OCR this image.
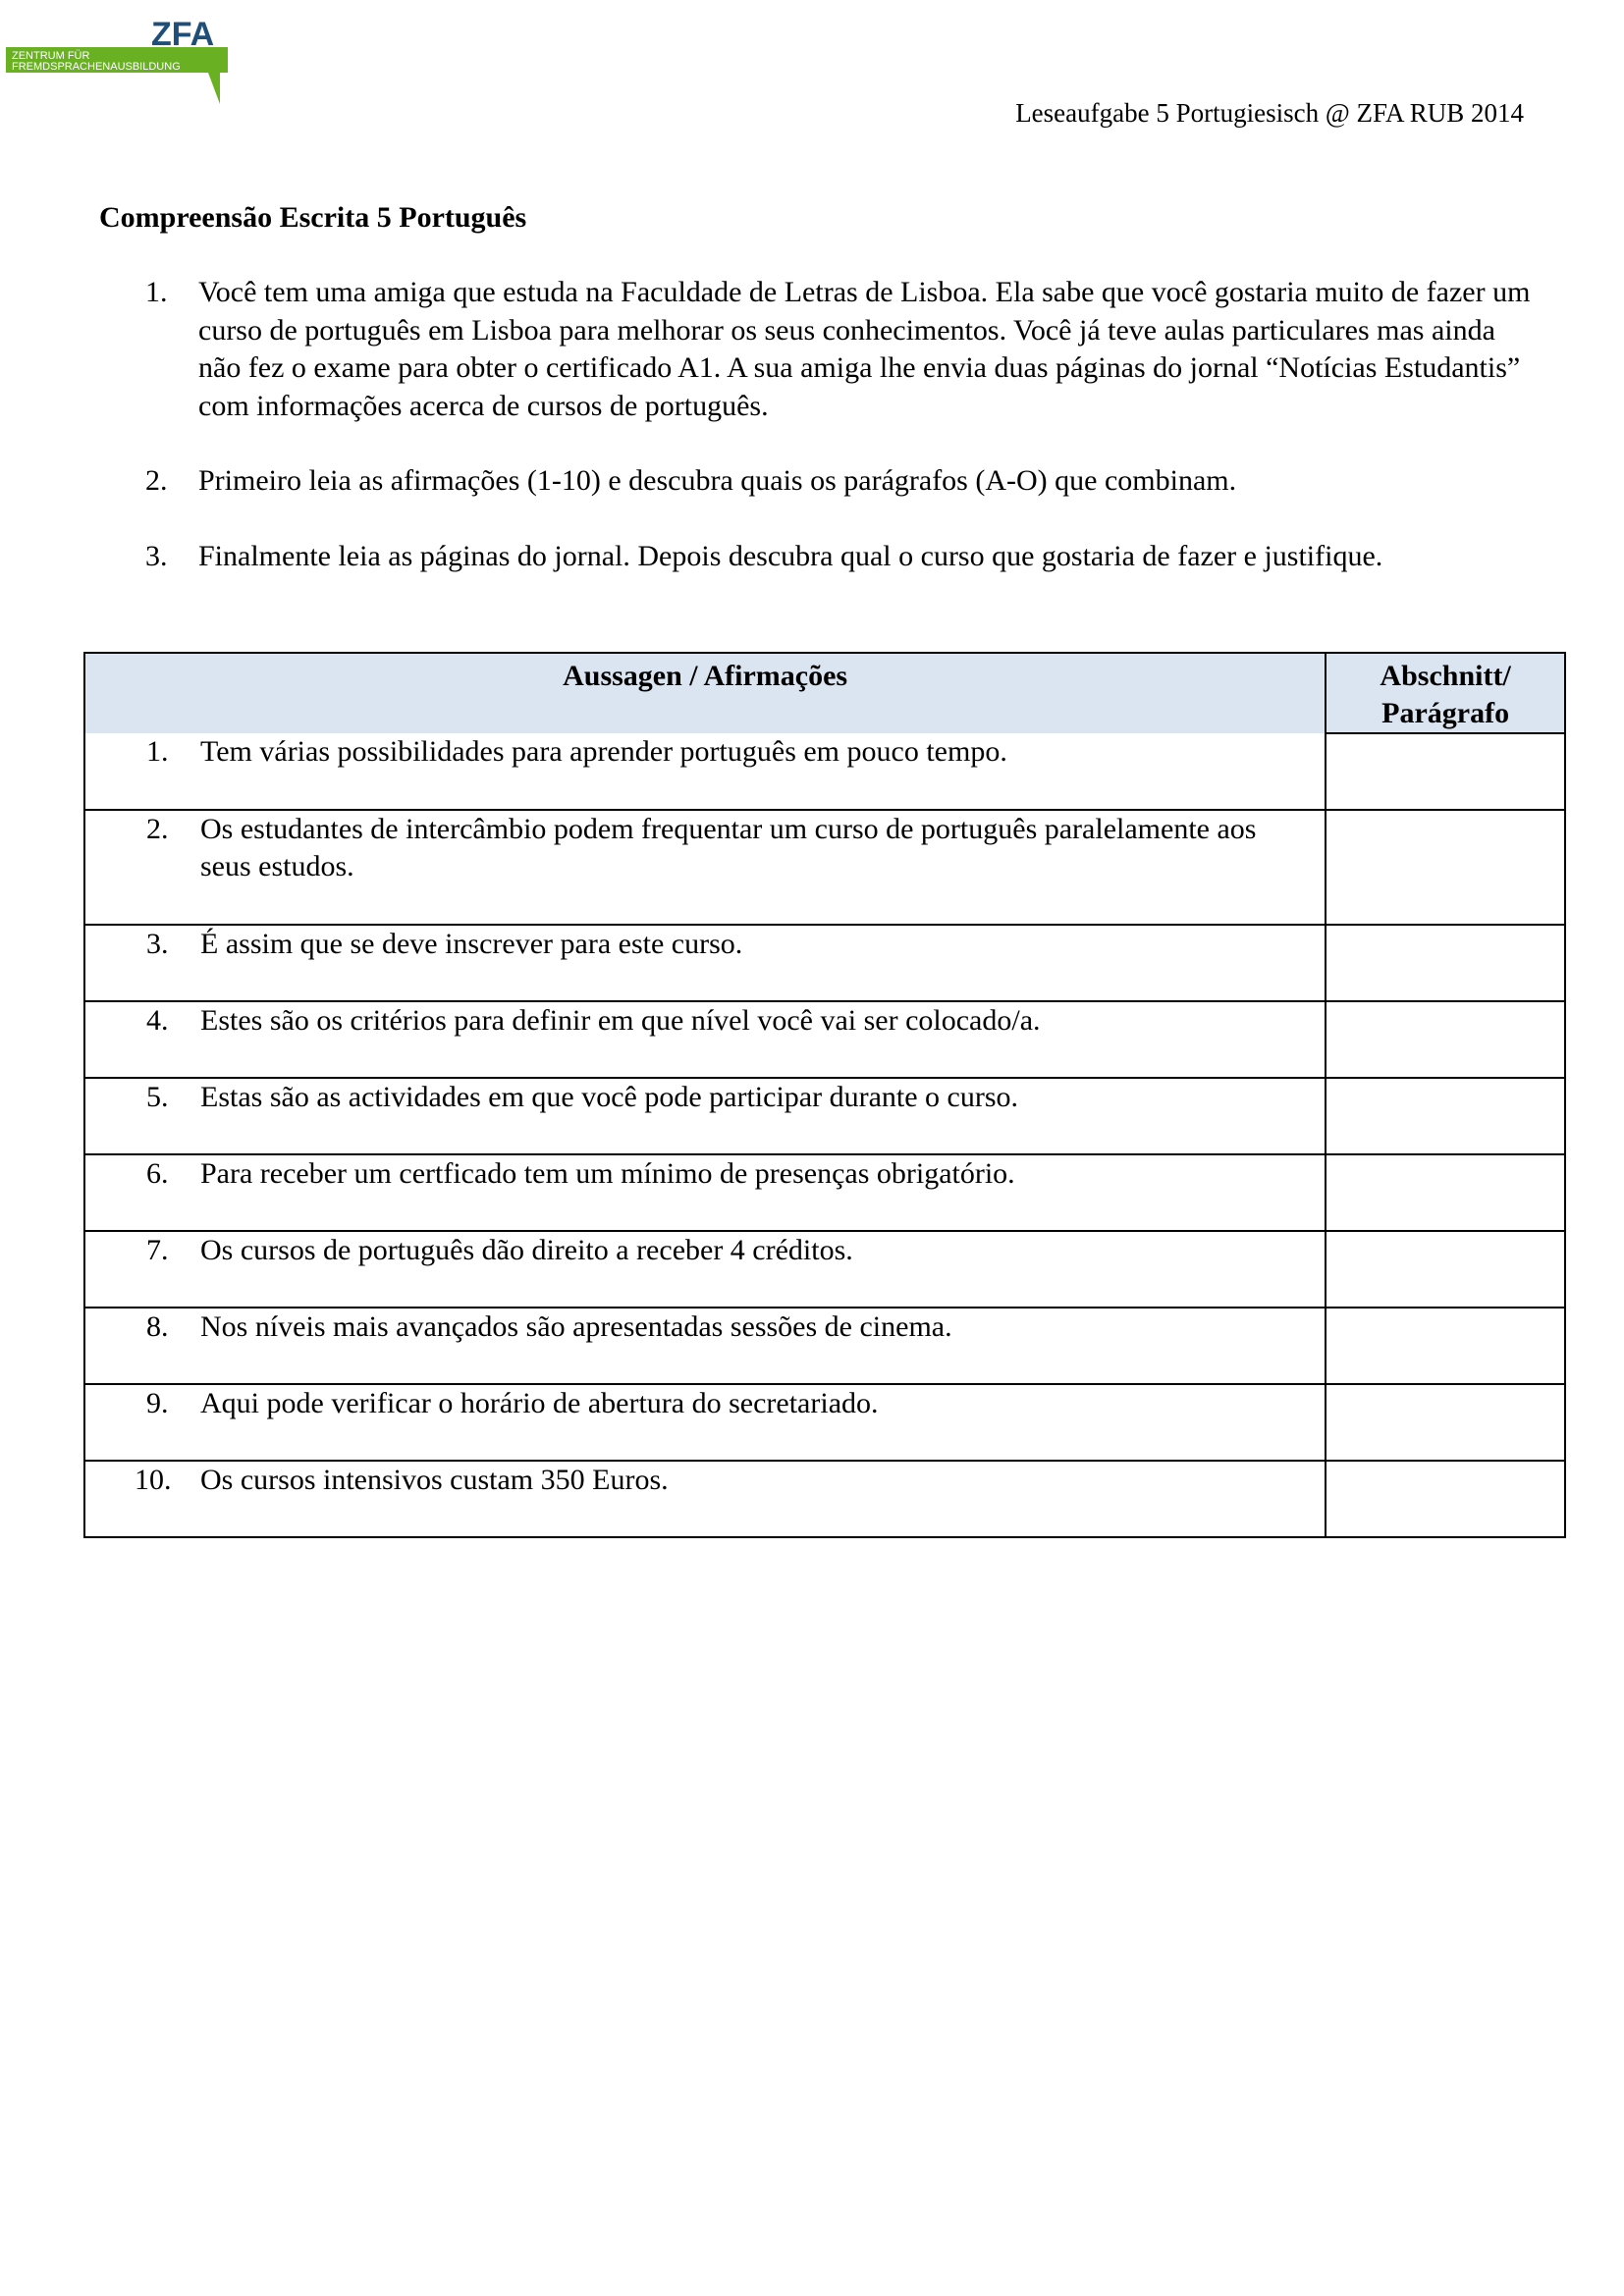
ZFA
ZENTRUM FÜR
FREMDSPRACHENAUSBILDUNG
Leseaufgabe 5 Portugiesisch @ ZFA RUB 2014
Compreensão Escrita 5 Português
1. Você tem uma amiga que estuda na Faculdade de Letras de Lisboa. Ela sabe que você gostaria muito de fazer um curso de português em Lisboa para melhorar os seus conhecimentos. Você já teve aulas particulares mas ainda não fez o exame para obter o certificado A1. A sua amiga lhe envia duas páginas do jornal “Notícias Estudantis” com informações acerca de cursos de português.
2. Primeiro leia as afirmações (1-10) e descubra quais os parágrafos (A-O) que combinam.
3. Finalmente leia as páginas do jornal. Depois descubra qual o curso que gostaria de fazer e justifique.
Aussagen / Afirmações	Abschnitt/
Parágrafo

1. Tem várias possibilidades para aprender português em pouco tempo.	

2. Os estudantes de intercâmbio podem frequentar um curso de português paralelamente aos seus estudos.	

3. É assim que se deve inscrever para este curso.	

4. Estes são os critérios para definir em que nível você vai ser colocado/a.	

5. Estas são as actividades em que você pode participar durante o curso.	

6. Para receber um certficado tem um mínimo de presenças obrigatório.	

7. Os cursos de português dão direito a receber 4 créditos.	

8. Nos níveis mais avançados são apresentadas sessões de cinema.	

9. Aqui pode verificar o horário de abertura do secretariado.	

10. Os cursos intensivos custam 350 Euros.	
